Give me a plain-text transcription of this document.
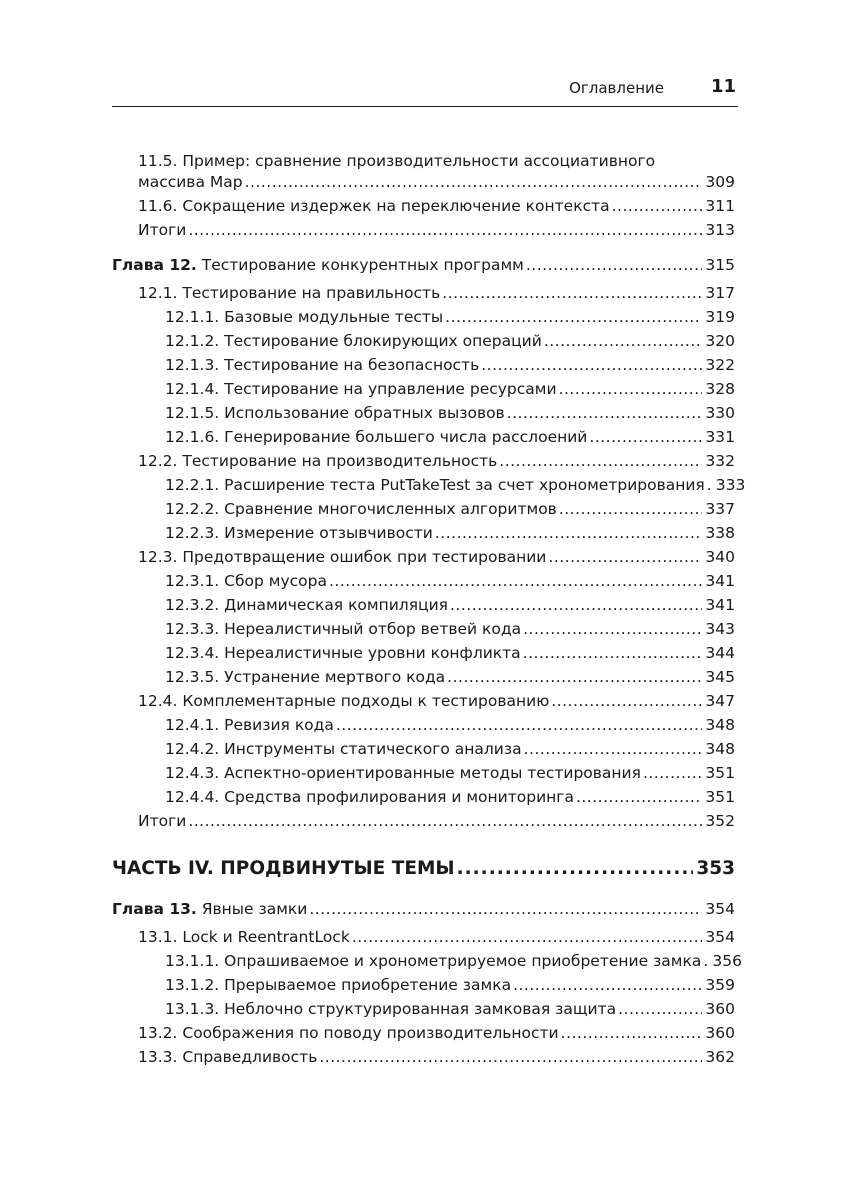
Оглавление	11
11.5. Пример: сравнение производительности ассоциативного
массива Map .....	309
11.6. Сокращение издержек на переключение контекста .....	311
Итоги .....	313
Глава 12. Тестирование конкурентных программ .....	315
12.1. Тестирование на правильность .....	317
12.1.1. Базовые модульные тесты .....	319
12.1.2. Тестирование блокирующих операций .....	320
12.1.3. Тестирование на безопасность .....	322
12.1.4. Тестирование на управление ресурсами .....	328
12.1.5. Использование обратных вызовов .....	330
12.1.6. Генерирование большего числа расслоений .....	331
12.2. Тестирование на производительность .....	332
12.2.1. Расширение теста PutTakeTest за счет хронометрирования ..... 333
12.2.2. Сравнение многочисленных алгоритмов .....	337
12.2.3. Измерение отзывчивости .....	338
12.3. Предотвращение ошибок при тестировании .....	340
12.3.1. Сбор мусора .....	341
12.3.2. Динамическая компиляция .....	341
12.3.3. Нереалистичный отбор ветвей кода .....	343
12.3.4. Нереалистичные уровни конфликта .....	344
12.3.5. Устранение мертвого кода .....	345
12.4. Комплементарные подходы к тестированию .....	347
12.4.1. Ревизия кода .....	348
12.4.2. Инструменты статического анализа .....	348
12.4.3. Аспектно-ориентированные методы тестирования .....	351
12.4.4. Средства профилирования и мониторинга .....	351
Итоги .....	352
ЧАСТЬ IV. ПРОДВИНУТЫЕ ТЕМЫ .....	353
Глава 13. Явные замки .....	354
13.1. Lock и ReentrantLock .....	354
13.1.1. Опрашиваемое и хронометрируемое приобретение замка ..... 356
13.1.2. Прерываемое приобретение замка .....	359
13.1.3. Неблочно структурированная замковая защита .....	360
13.2. Соображения по поводу производительности .....	360
13.3. Справедливость .....	362
